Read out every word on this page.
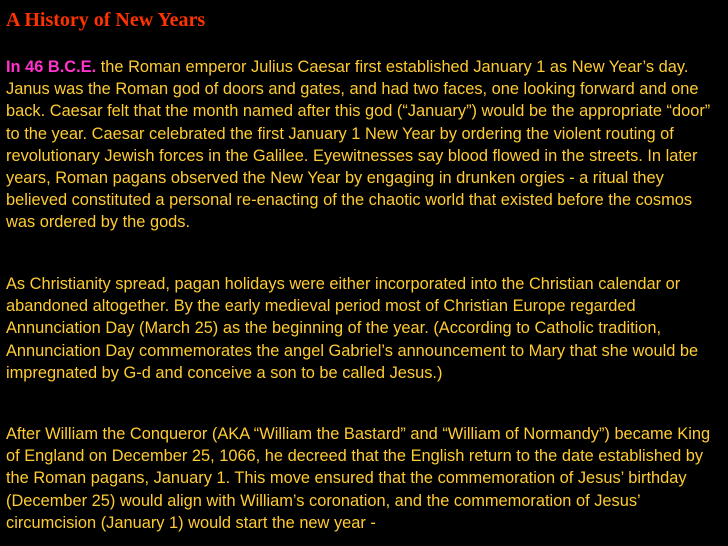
A History of New Years

In 46 B.C.E. the Roman emperor Julius Caesar first established January 1 as New Year’s day. Janus was the Roman god of doors and gates, and had two faces, one looking forward and one back. Caesar felt that the month named after this god (“January”) would be the appropriate “door” to the year. Caesar celebrated the first January 1 New Year by ordering the violent routing of revolutionary Jewish forces in the Galilee. Eyewitnesses say blood flowed in the streets. In later years, Roman pagans observed the New Year by engaging in drunken orgies - a ritual they believed constituted a personal re-enacting of the chaotic world that existed before the cosmos was ordered by the gods.

As Christianity spread, pagan holidays were either incorporated into the Christian calendar or abandoned altogether. By the early medieval period most of Christian Europe regarded Annunciation Day (March 25) as the beginning of the year. (According to Catholic tradition, Annunciation Day commemorates the angel Gabriel’s announcement to Mary that she would be impregnated by G-d and conceive a son to be called Jesus.)

After William the Conqueror (AKA “William the Bastard” and “William of Normandy”) became King of England on December 25, 1066, he decreed that the English return to the date established by the Roman pagans, January 1. This move ensured that the commemoration of Jesus’ birthday (December 25) would align with William’s coronation, and the commemoration of Jesus’ circumcision (January 1) would start the new year -
